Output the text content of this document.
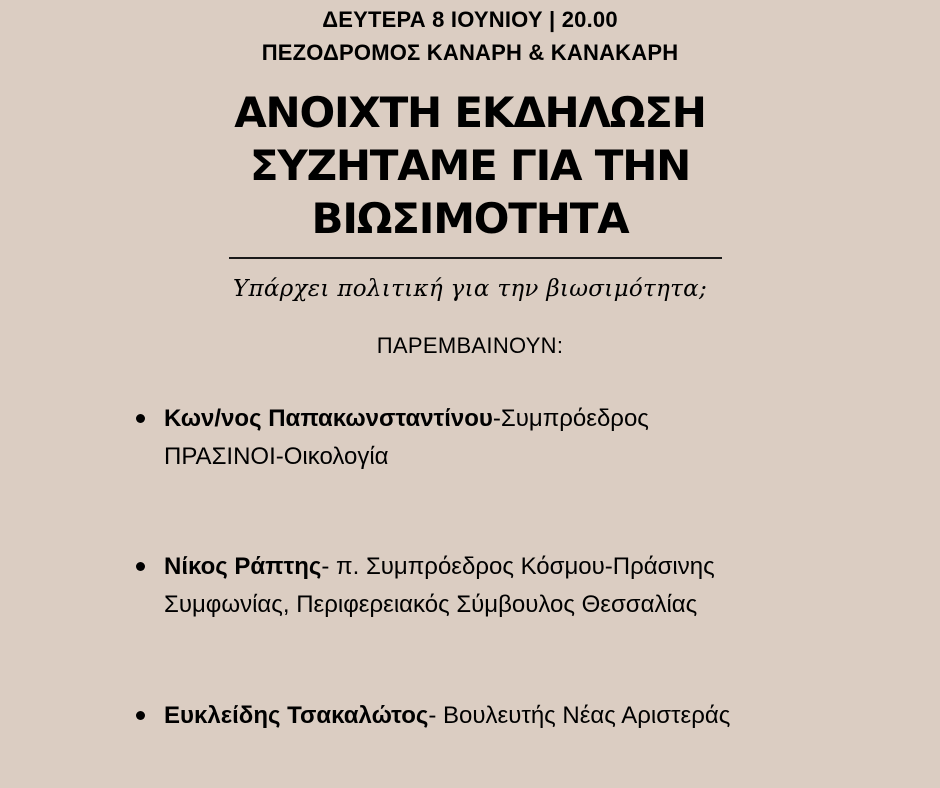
ΔΕΥΤΕΡΑ 8 ΙΟΥΝΙΟΥ | 20.00
ΠΕΖΟΔΡΟΜΟΣ ΚΑΝΑΡΗ & ΚΑΝΑΚΑΡΗ
ΑΝΟΙΧΤΗ ΕΚΔΗΛΩΣΗ
ΣΥΖΗΤΑΜΕ ΓΙΑ ΤΗΝ
ΒΙΩΣΙΜΟΤΗΤΑ
Υπάρχει πολιτική για την βιωσιμότητα;
ΠΑΡΕΜΒΑΙΝΟΥΝ:
Κων/νος Παπακωνσταντίνου-Συμπρόεδρος
ΠΡΑΣΙΝΟΙ-Οικολογία
Νίκος Ράπτης- π. Συμπρόεδρος Κόσμου-Πράσινης
Συμφωνίας, Περιφερειακός Σύμβουλος Θεσσαλίας
Ευκλείδης Τσακαλώτος- Βουλευτής Νέας Αριστεράς
